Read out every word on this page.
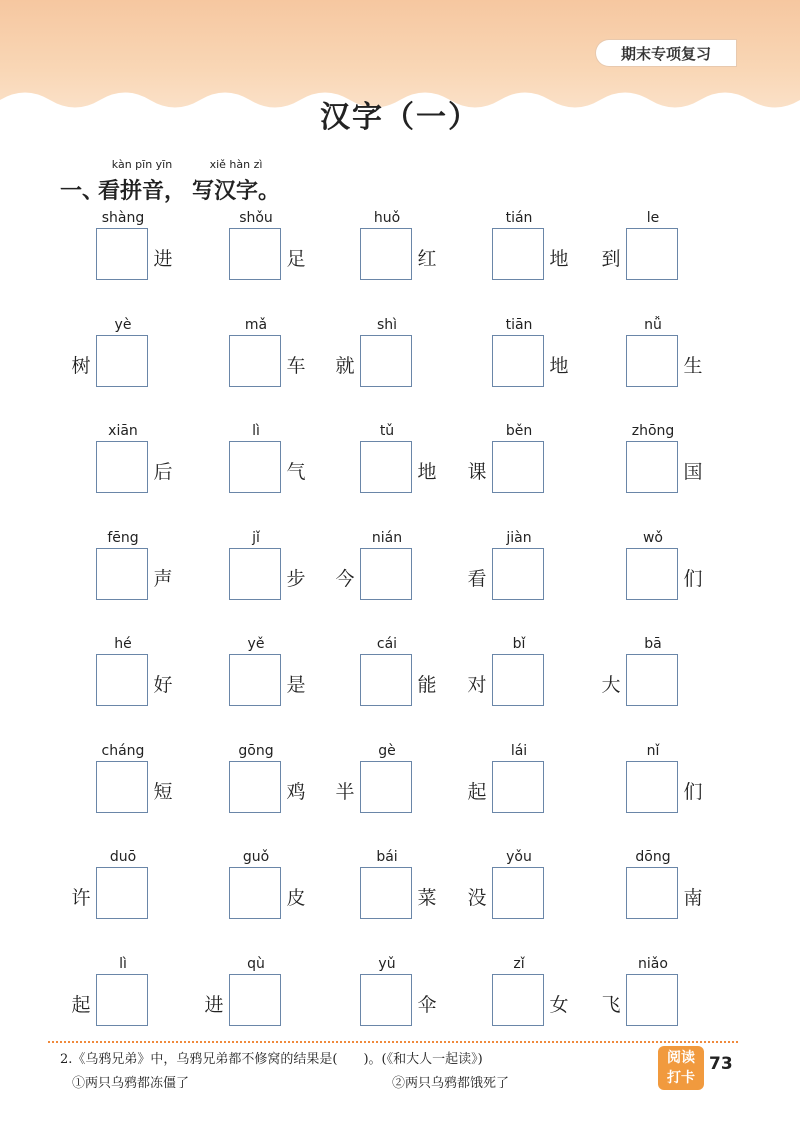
期末专项复习
汉字（一）
一、
kàn pīn yīn
看拼音，
xiě hàn zì
写汉字。
shàng
进
shǒu
足
huǒ
红
tián
地
le
到
yè
树
mǎ
车
shì
就
tiān
地
nǚ
生
xiān
后
lì
气
tǔ
地
běn
课
zhōng
国
fēng
声
jǐ
步
nián
今
jiàn
看
wǒ
们
hé
好
yě
是
cái
能
bǐ
对
bā
大
cháng
短
gōng
鸡
gè
半
lái
起
nǐ
们
duō
许
guǒ
皮
bái
菜
yǒu
没
dōng
南
lì
起
qù
进
yǔ
伞
zǐ
女
niǎo
飞
2.《乌鸦兄弟》中，乌鸦兄弟都不修窝的结果是(　　)。(《和大人一起读》)
①两只乌鸦都冻僵了	②两只乌鸦都饿死了
阅读
打卡
73
